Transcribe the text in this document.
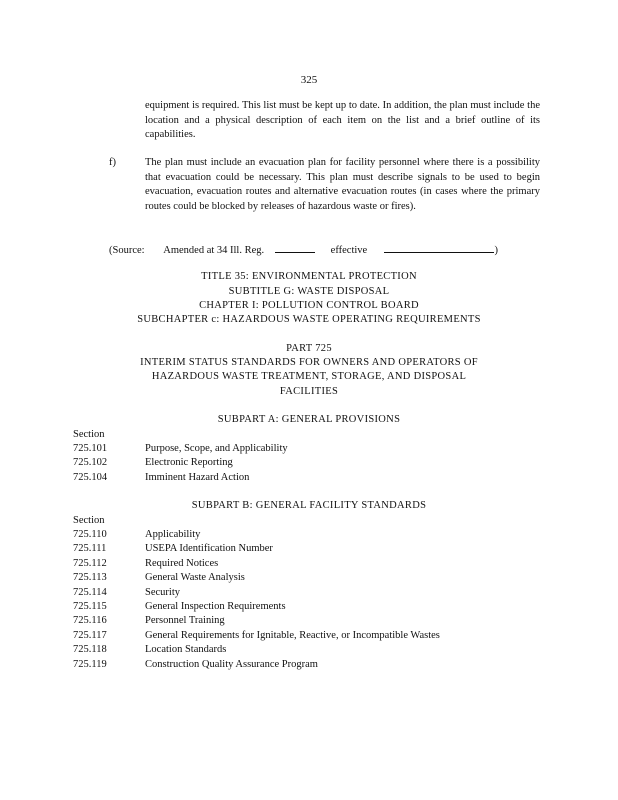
325
equipment is required. This list must be kept up to date. In addition, the plan must include the location and a physical description of each item on the list and a brief outline of its capabilities.
f)	The plan must include an evacuation plan for facility personnel where there is a possibility that evacuation could be necessary. This plan must describe signals to be used to begin evacuation, evacuation routes and alternative evacuation routes (in cases where the primary routes could be blocked by releases of hazardous waste or fires).
(Source: Amended at 34 Ill. Reg.	effective	)
TITLE 35: ENVIRONMENTAL PROTECTION
SUBTITLE G: WASTE DISPOSAL
CHAPTER I: POLLUTION CONTROL BOARD
SUBCHAPTER c: HAZARDOUS WASTE OPERATING REQUIREMENTS
PART 725
INTERIM STATUS STANDARDS FOR OWNERS AND OPERATORS OF
HAZARDOUS WASTE TREATMENT, STORAGE, AND DISPOSAL
FACILITIES
SUBPART A: GENERAL PROVISIONS
Section
725.101	Purpose, Scope, and Applicability
725.102	Electronic Reporting
725.104	Imminent Hazard Action
SUBPART B: GENERAL FACILITY STANDARDS
Section
725.110	Applicability
725.111	USEPA Identification Number
725.112	Required Notices
725.113	General Waste Analysis
725.114	Security
725.115	General Inspection Requirements
725.116	Personnel Training
725.117	General Requirements for Ignitable, Reactive, or Incompatible Wastes
725.118	Location Standards
725.119	Construction Quality Assurance Program
